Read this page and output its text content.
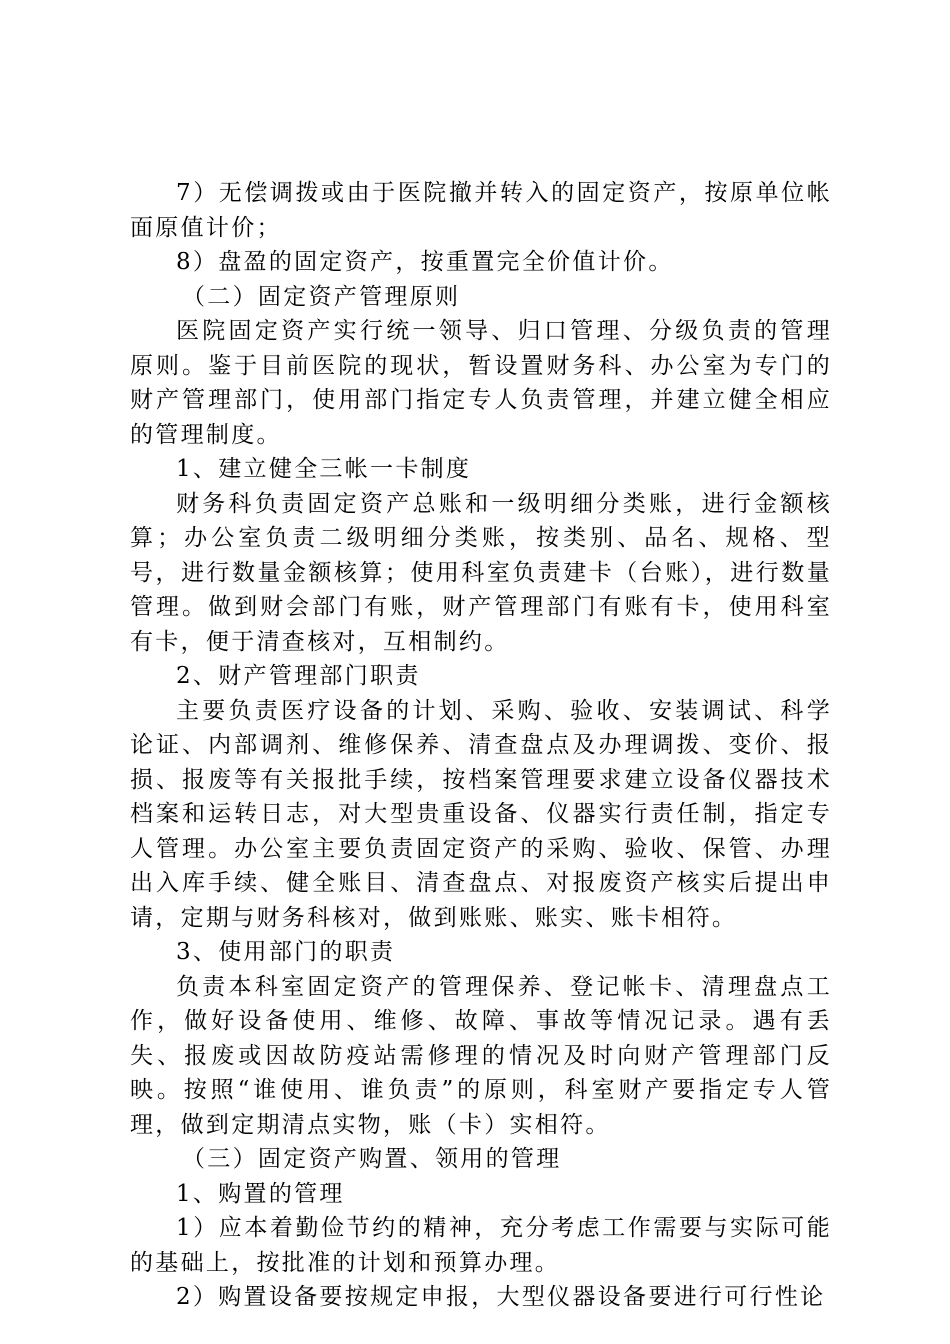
7）无偿调拨或由于医院撤并转入的固定资产，按原单位帐面原值计价；

8）盘盈的固定资产，按重置完全价值计价。

（二）固定资产管理原则

医院固定资产实行统一领导、归口管理、分级负责的管理原则。鉴于目前医院的现状，暂设置财务科、办公室为专门的财产管理部门，使用部门指定专人负责管理，并建立健全相应的管理制度。

1、建立健全三帐一卡制度

财务科负责固定资产总账和一级明细分类账，进行金额核算；办公室负责二级明细分类账，按类别、品名、规格、型号，进行数量金额核算；使用科室负责建卡（台账），进行数量管理。做到财会部门有账，财产管理部门有账有卡，使用科室有卡，便于清查核对，互相制约。

2、财产管理部门职责

主要负责医疗设备的计划、采购、验收、安装调试、科学论证、内部调剂、维修保养、清查盘点及办理调拨、变价、报损、报废等有关报批手续，按档案管理要求建立设备仪器技术档案和运转日志，对大型贵重设备、仪器实行责任制，指定专人管理。办公室主要负责固定资产的采购、验收、保管、办理出入库手续、健全账目、清查盘点、对报废资产核实后提出申请，定期与财务科核对，做到账账、账实、账卡相符。

3、使用部门的职责

负责本科室固定资产的管理保养、登记帐卡、清理盘点工作，做好设备使用、维修、故障、事故等情况记录。遇有丢失、报废或因故防疫站需修理的情况及时向财产管理部门反映。按照“谁使用、谁负责”的原则，科室财产要指定专人管理，做到定期清点实物，账（卡）实相符。

（三）固定资产购置、领用的管理

1、购置的管理

1）应本着勤俭节约的精神，充分考虑工作需要与实际可能的基础上，按批准的计划和预算办理。

2）购置设备要按规定申报，大型仪器设备要进行可行性论
